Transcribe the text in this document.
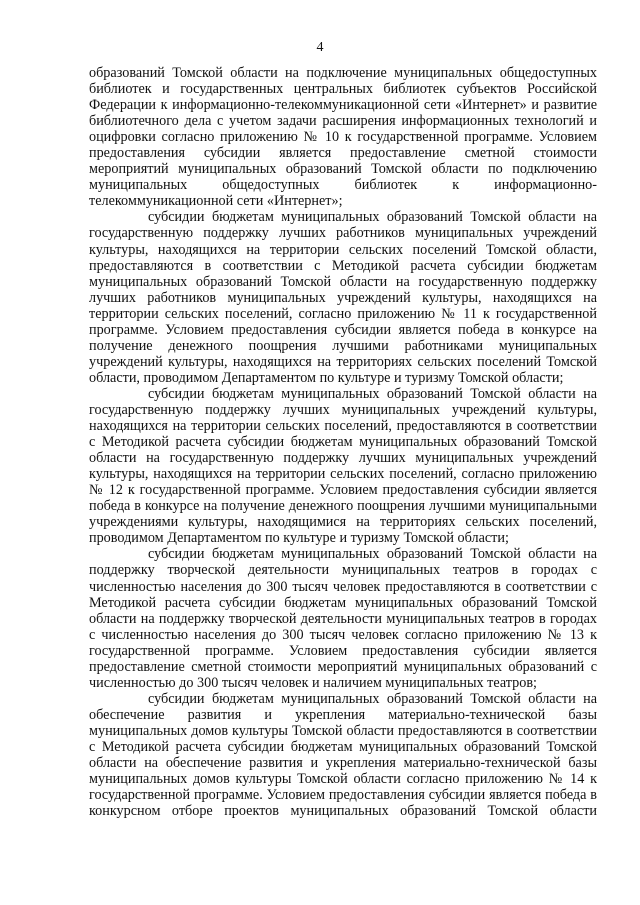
4

образований Томской области на подключение муниципальных общедоступных библиотек и государственных центральных библиотек субъектов Российской Федерации к информационно-телекоммуникационной сети «Интернет» и развитие библиотечного дела с учетом задачи расширения информационных технологий и оцифровки согласно приложению № 10 к государственной программе. Условием предоставления субсидии является предоставление сметной стоимости мероприятий муниципальных образований Томской области по подключению муниципальных общедоступных библиотек к информационно-телекоммуникационной сети «Интернет»;

субсидии бюджетам муниципальных образований Томской области на государственную поддержку лучших работников муниципальных учреждений культуры, находящихся на территории сельских поселений Томской области, предоставляются в соответствии с Методикой расчета субсидии бюджетам муниципальных образований Томской области на государственную поддержку лучших работников муниципальных учреждений культуры, находящихся на территории сельских поселений, согласно приложению № 11 к государственной программе. Условием предоставления субсидии является победа в конкурсе на получение денежного поощрения лучшими работниками муниципальных учреждений культуры, находящихся на территориях сельских поселений Томской области, проводимом Департаментом по культуре и туризму Томской области;

субсидии бюджетам муниципальных образований Томской области на государственную поддержку лучших муниципальных учреждений культуры, находящихся на территории сельских поселений, предоставляются в соответствии с Методикой расчета субсидии бюджетам муниципальных образований Томской области на государственную поддержку лучших муниципальных учреждений культуры, находящихся на территории сельских поселений, согласно приложению № 12 к государственной программе. Условием предоставления субсидии является победа в конкурсе на получение денежного поощрения лучшими муниципальными учреждениями культуры, находящимися на территориях сельских поселений, проводимом Департаментом по культуре и туризму Томской области;

субсидии бюджетам муниципальных образований Томской области на поддержку творческой деятельности муниципальных театров в городах с численностью населения до 300 тысяч человек предоставляются в соответствии с Методикой расчета субсидии бюджетам муниципальных образований Томской области на поддержку творческой деятельности муниципальных театров в городах с численностью населения до 300 тысяч человек согласно приложению № 13 к государственной программе. Условием предоставления субсидии является предоставление сметной стоимости мероприятий муниципальных образований с численностью до 300 тысяч человек и наличием муниципальных театров;

субсидии бюджетам муниципальных образований Томской области на обеспечение развития и укрепления материально-технической базы муниципальных домов культуры Томской области предоставляются в соответствии с Методикой расчета субсидии бюджетам муниципальных образований Томской области на обеспечение развития и укрепления материально-технической базы муниципальных домов культуры Томской области согласно приложению № 14 к государственной программе. Условием предоставления субсидии является победа в конкурсном отборе проектов муниципальных образований Томской области
